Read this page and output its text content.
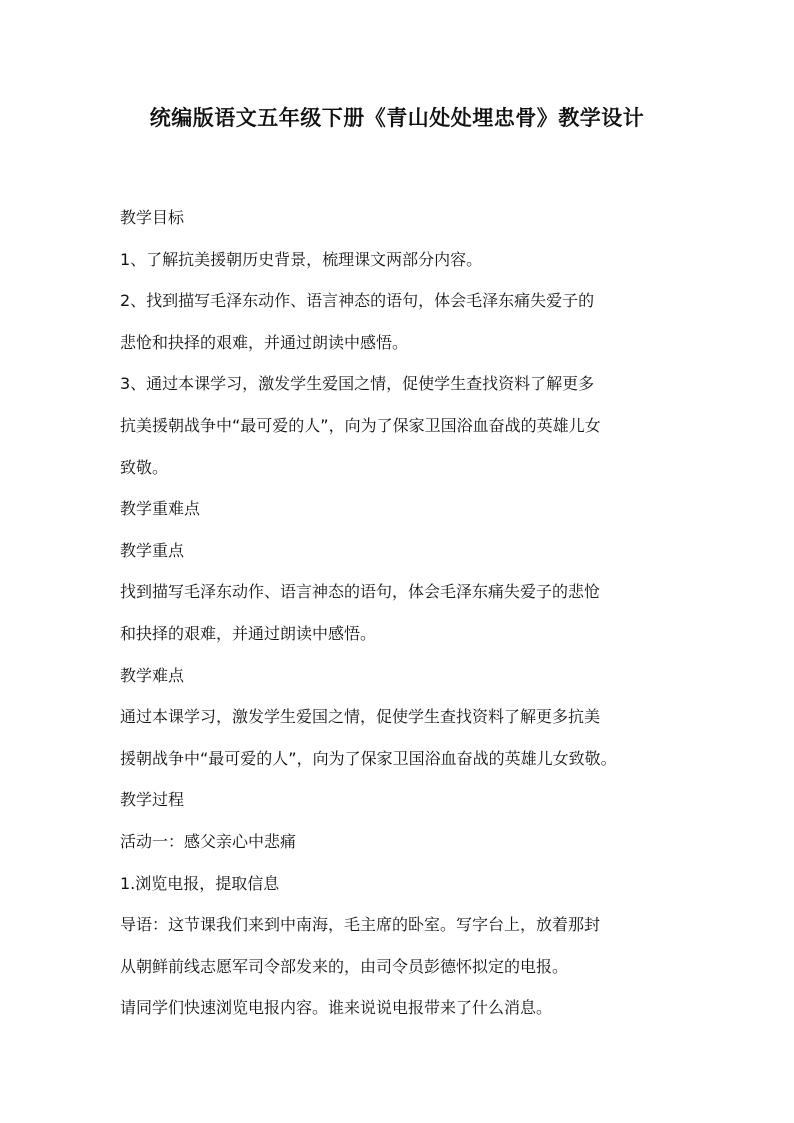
统编版语文五年级下册《青山处处埋忠骨》教学设计

教学目标

1、了解抗美援朝历史背景，梳理课文两部分内容。

2、找到描写毛泽东动作、语言神态的语句，体会毛泽东痛失爱子的

悲怆和抉择的艰难，并通过朗读中感悟。

3、通过本课学习，激发学生爱国之情，促使学生查找资料了解更多

抗美援朝战争中“最可爱的人”，向为了保家卫国浴血奋战的英雄儿女

致敬。

教学重难点

教学重点

找到描写毛泽东动作、语言神态的语句，体会毛泽东痛失爱子的悲怆

和抉择的艰难，并通过朗读中感悟。

教学难点

通过本课学习，激发学生爱国之情，促使学生查找资料了解更多抗美

援朝战争中“最可爱的人”，向为了保家卫国浴血奋战的英雄儿女致敬。

教学过程

活动一：感父亲心中悲痛

1.浏览电报，提取信息

导语：这节课我们来到中南海，毛主席的卧室。写字台上，放着那封

从朝鲜前线志愿军司令部发来的，由司令员彭德怀拟定的电报。

请同学们快速浏览电报内容。谁来说说电报带来了什么消息。
